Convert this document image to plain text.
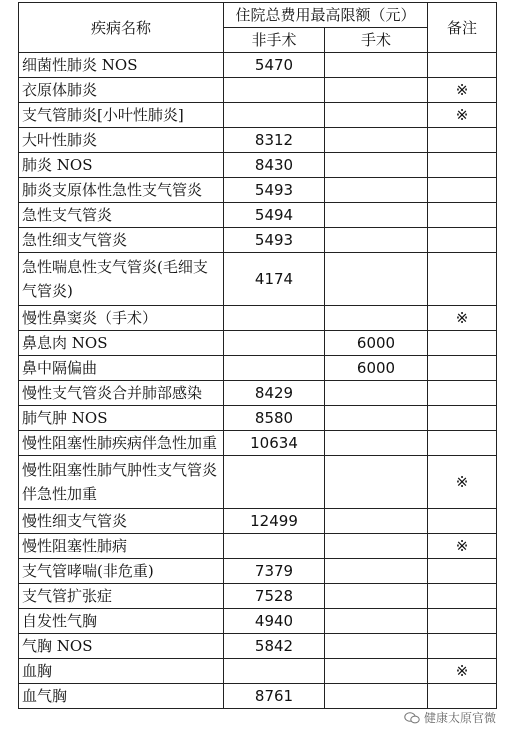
疾病名称	住院总费用最高限额（元）		备注
	非手术	手术	
细菌性肺炎 NOS	5470		
衣原体肺炎			※
支气管肺炎[小叶性肺炎]			※
大叶性肺炎	8312		
肺炎 NOS	8430		
肺炎支原体性急性支气管炎	5493		
急性支气管炎	5494		
急性细支气管炎	5493		
急性喘息性支气管炎(毛细支气管炎)	4174		
慢性鼻窦炎（手术）			※
鼻息肉 NOS		6000	
鼻中隔偏曲		6000	
慢性支气管炎合并肺部感染	8429		
肺气肿 NOS	8580		
慢性阻塞性肺疾病伴急性加重	10634		
慢性阻塞性肺气肿性支气管炎伴急性加重			※
慢性细支气管炎	12499		
慢性阻塞性肺病			※
支气管哮喘(非危重)	7379		
支气管扩张症	7528		
自发性气胸	4940		
气胸 NOS	5842		
血胸			※
血气胸	8761		
健康太原官微
